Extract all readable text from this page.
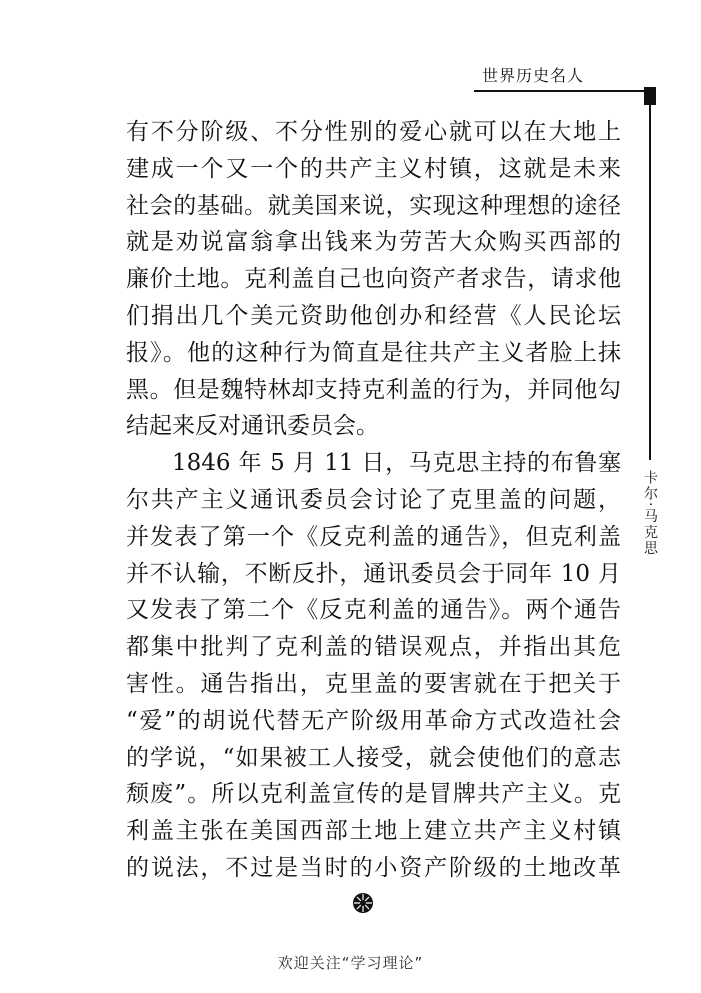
世界历史名人
卡尔·马克思
有不分阶级、不分性别的爱心就可以在大地上
建成一个又一个的共产主义村镇，这就是未来
社会的基础。就美国来说，实现这种理想的途径
就是劝说富翁拿出钱来为劳苦大众购买西部的
廉价土地。克利盖自己也向资产者求告，请求他
们捐出几个美元资助他创办和经营《人民论坛
报》。他的这种行为简直是往共产主义者脸上抹
黑。但是魏特林却支持克利盖的行为，并同他勾
结起来反对通讯委员会。
1846 年 5 月 11 日，马克思主持的布鲁塞
尔共产主义通讯委员会讨论了克里盖的问题，
并发表了第一个《反克利盖的通告》，但克利盖
并不认输，不断反扑，通讯委员会于同年 10 月
又发表了第二个《反克利盖的通告》。两个通告
都集中批判了克利盖的错误观点，并指出其危
害性。通告指出，克里盖的要害就在于把关于
“爱”的胡说代替无产阶级用革命方式改造社会
的学说，“如果被工人接受，就会使他们的意志
颓废”。所以克利盖宣传的是冒牌共产主义。克
利盖主张在美国西部土地上建立共产主义村镇
的说法，不过是当时的小资产阶级的土地改革
欢迎关注“学习理论”
